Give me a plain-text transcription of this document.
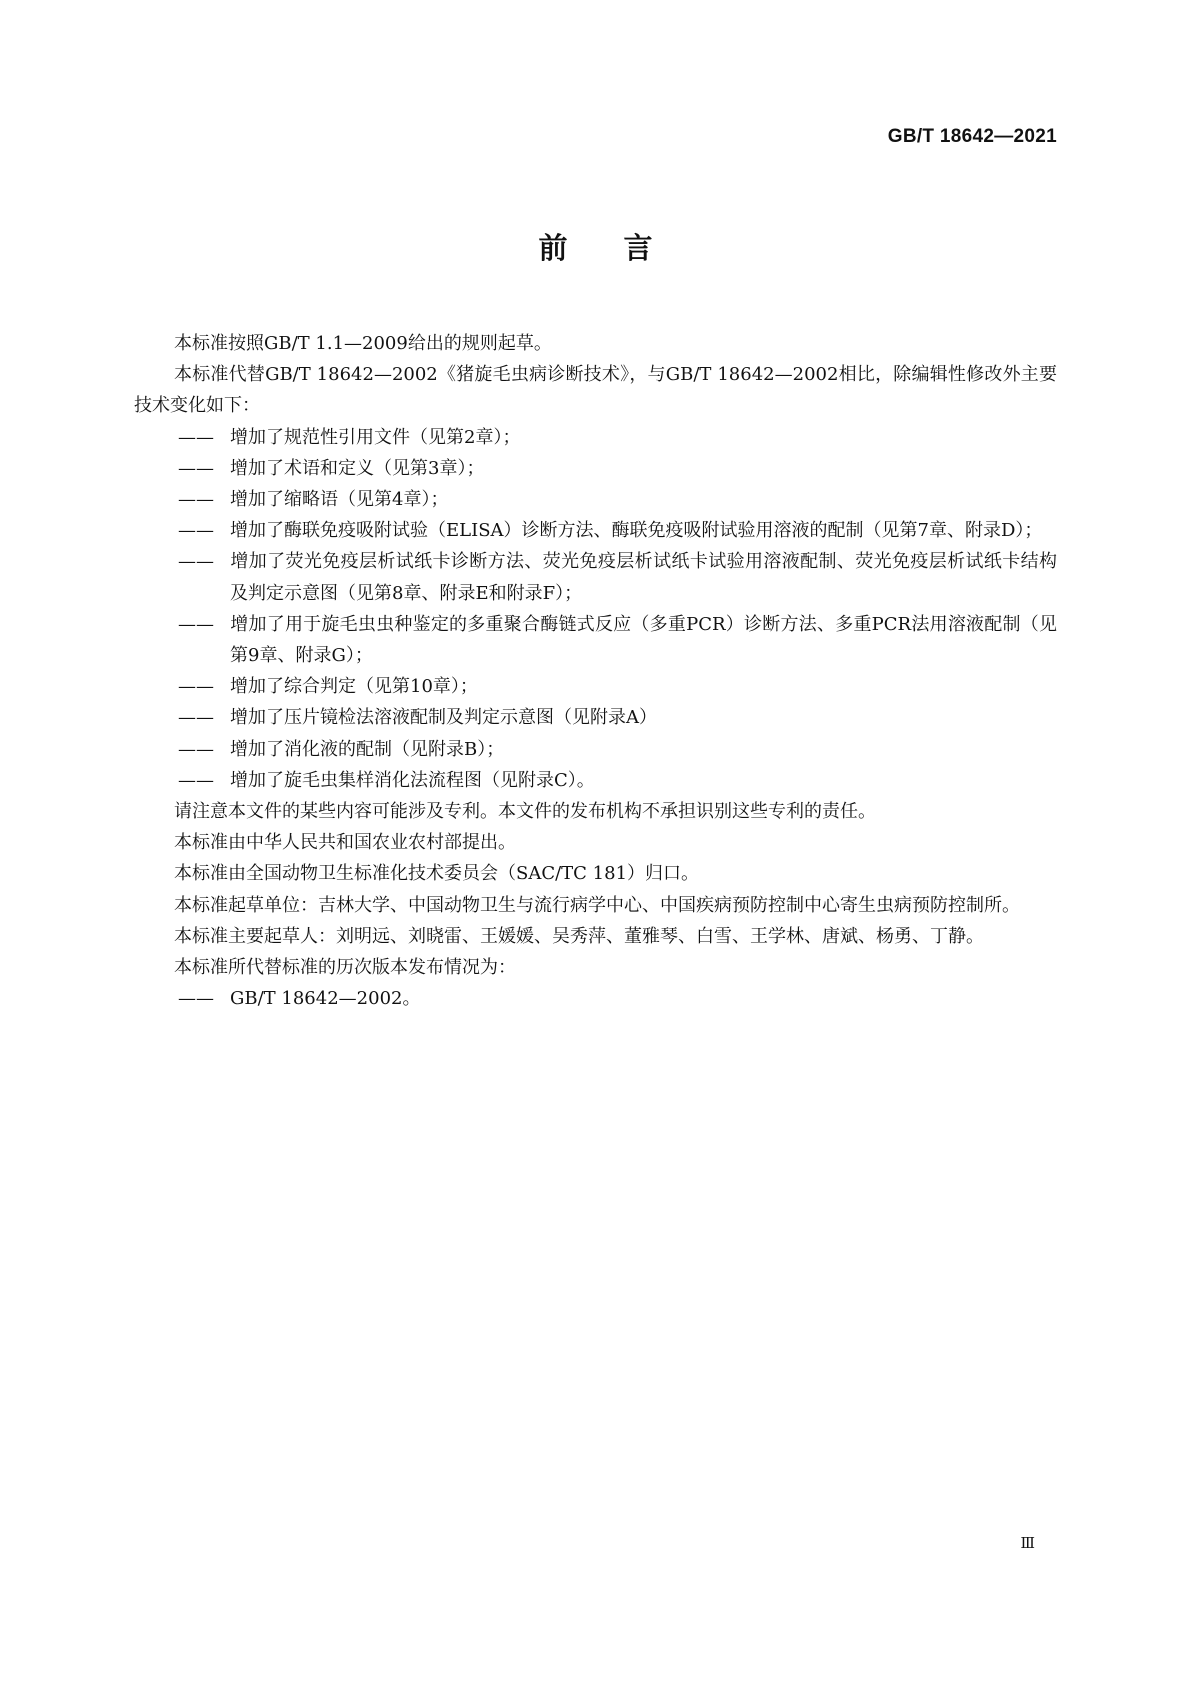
GB/T 18642—2021
前言

本标准按照GB/T 1.1—2009给出的规则起草。

本标准代替GB/T 18642—2002《猪旋毛虫病诊断技术》，与GB/T 18642—2002相比，除编辑性修改外主要技术变化如下：

—— 增加了规范性引用文件（见第2章）；

—— 增加了术语和定义（见第3章）；

—— 增加了缩略语（见第4章）；

—— 增加了酶联免疫吸附试验（ELISA）诊断方法、酶联免疫吸附试验用溶液的配制（见第7章、附录D）；

—— 增加了荧光免疫层析试纸卡诊断方法、荧光免疫层析试纸卡试验用溶液配制、荧光免疫层析试纸卡结构及判定示意图（见第8章、附录E和附录F）；

—— 增加了用于旋毛虫虫种鉴定的多重聚合酶链式反应（多重PCR）诊断方法、多重PCR法用溶液配制（见第9章、附录G）；

—— 增加了综合判定（见第10章）；

—— 增加了压片镜检法溶液配制及判定示意图（见附录A）

—— 增加了消化液的配制（见附录B）；

—— 增加了旋毛虫集样消化法流程图（见附录C）。

请注意本文件的某些内容可能涉及专利。本文件的发布机构不承担识别这些专利的责任。

本标准由中华人民共和国农业农村部提出。

本标准由全国动物卫生标准化技术委员会（SAC/TC 181）归口。

本标准起草单位：吉林大学、中国动物卫生与流行病学中心、中国疾病预防控制中心寄生虫病预防控制所。

本标准主要起草人：刘明远、刘晓雷、王媛媛、吴秀萍、董雅琴、白雪、王学林、唐斌、杨勇、丁静。

本标准所代替标准的历次版本发布情况为：

—— GB/T 18642—2002。

Ⅲ
